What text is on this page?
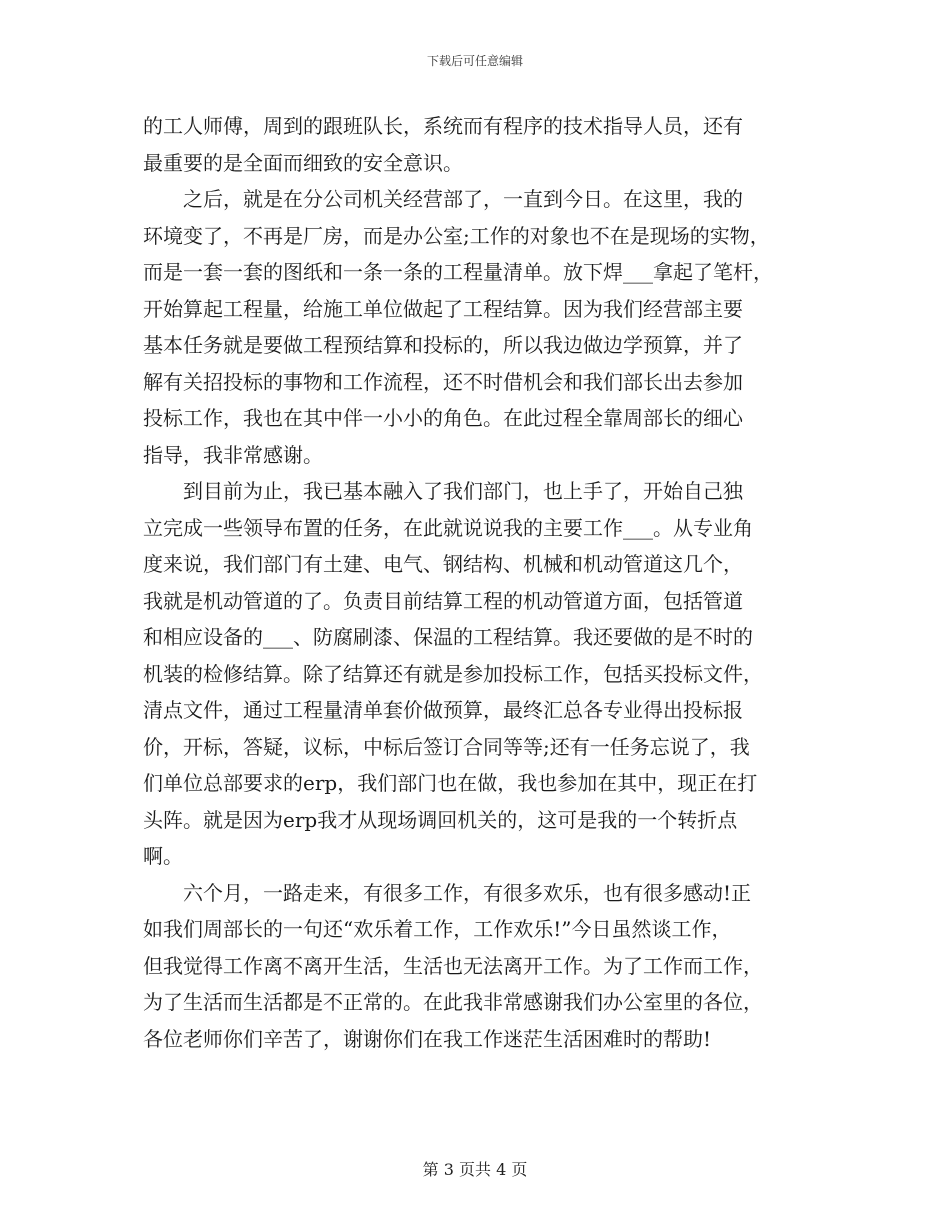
下载后可任意编辑
的工人师傅，周到的跟班队长，系统而有程序的技术指导人员，还有
最重要的是全面而细致的安全意识。
　　之后，就是在分公司机关经营部了，一直到今日。在这里，我的
环境变了，不再是厂房，而是办公室;工作的对象也不在是现场的实物，
而是一套一套的图纸和一条一条的工程量清单。放下焊___拿起了笔杆，
开始算起工程量，给施工单位做起了工程结算。因为我们经营部主要
基本任务就是要做工程预结算和投标的，所以我边做边学预算，并了
解有关招投标的事物和工作流程，还不时借机会和我们部长出去参加
投标工作，我也在其中伴一小小的角色。在此过程全靠周部长的细心
指导，我非常感谢。
　　到目前为止，我已基本融入了我们部门，也上手了，开始自己独
立完成一些领导布置的任务，在此就说说我的主要工作___。从专业角
度来说，我们部门有土建、电气、钢结构、机械和机动管道这几个，
我就是机动管道的了。负责目前结算工程的机动管道方面，包括管道
和相应设备的___、防腐刷漆、保温的工程结算。我还要做的是不时的
机装的检修结算。除了结算还有就是参加投标工作，包括买投标文件，
清点文件，通过工程量清单套价做预算，最终汇总各专业得出投标报
价，开标，答疑，议标，中标后签订合同等等;还有一任务忘说了，我
们单位总部要求的erp，我们部门也在做，我也参加在其中，现正在打
头阵。就是因为erp我才从现场调回机关的，这可是我的一个转折点
啊。
　　六个月，一路走来，有很多工作，有很多欢乐，也有很多感动!正
如我们周部长的一句还“欢乐着工作，工作欢乐!”今日虽然谈工作，
但我觉得工作离不离开生活，生活也无法离开工作。为了工作而工作，
为了生活而生活都是不正常的。在此我非常感谢我们办公室里的各位，
各位老师你们辛苦了，谢谢你们在我工作迷茫生活困难时的帮助!
第 3 页共 4 页
